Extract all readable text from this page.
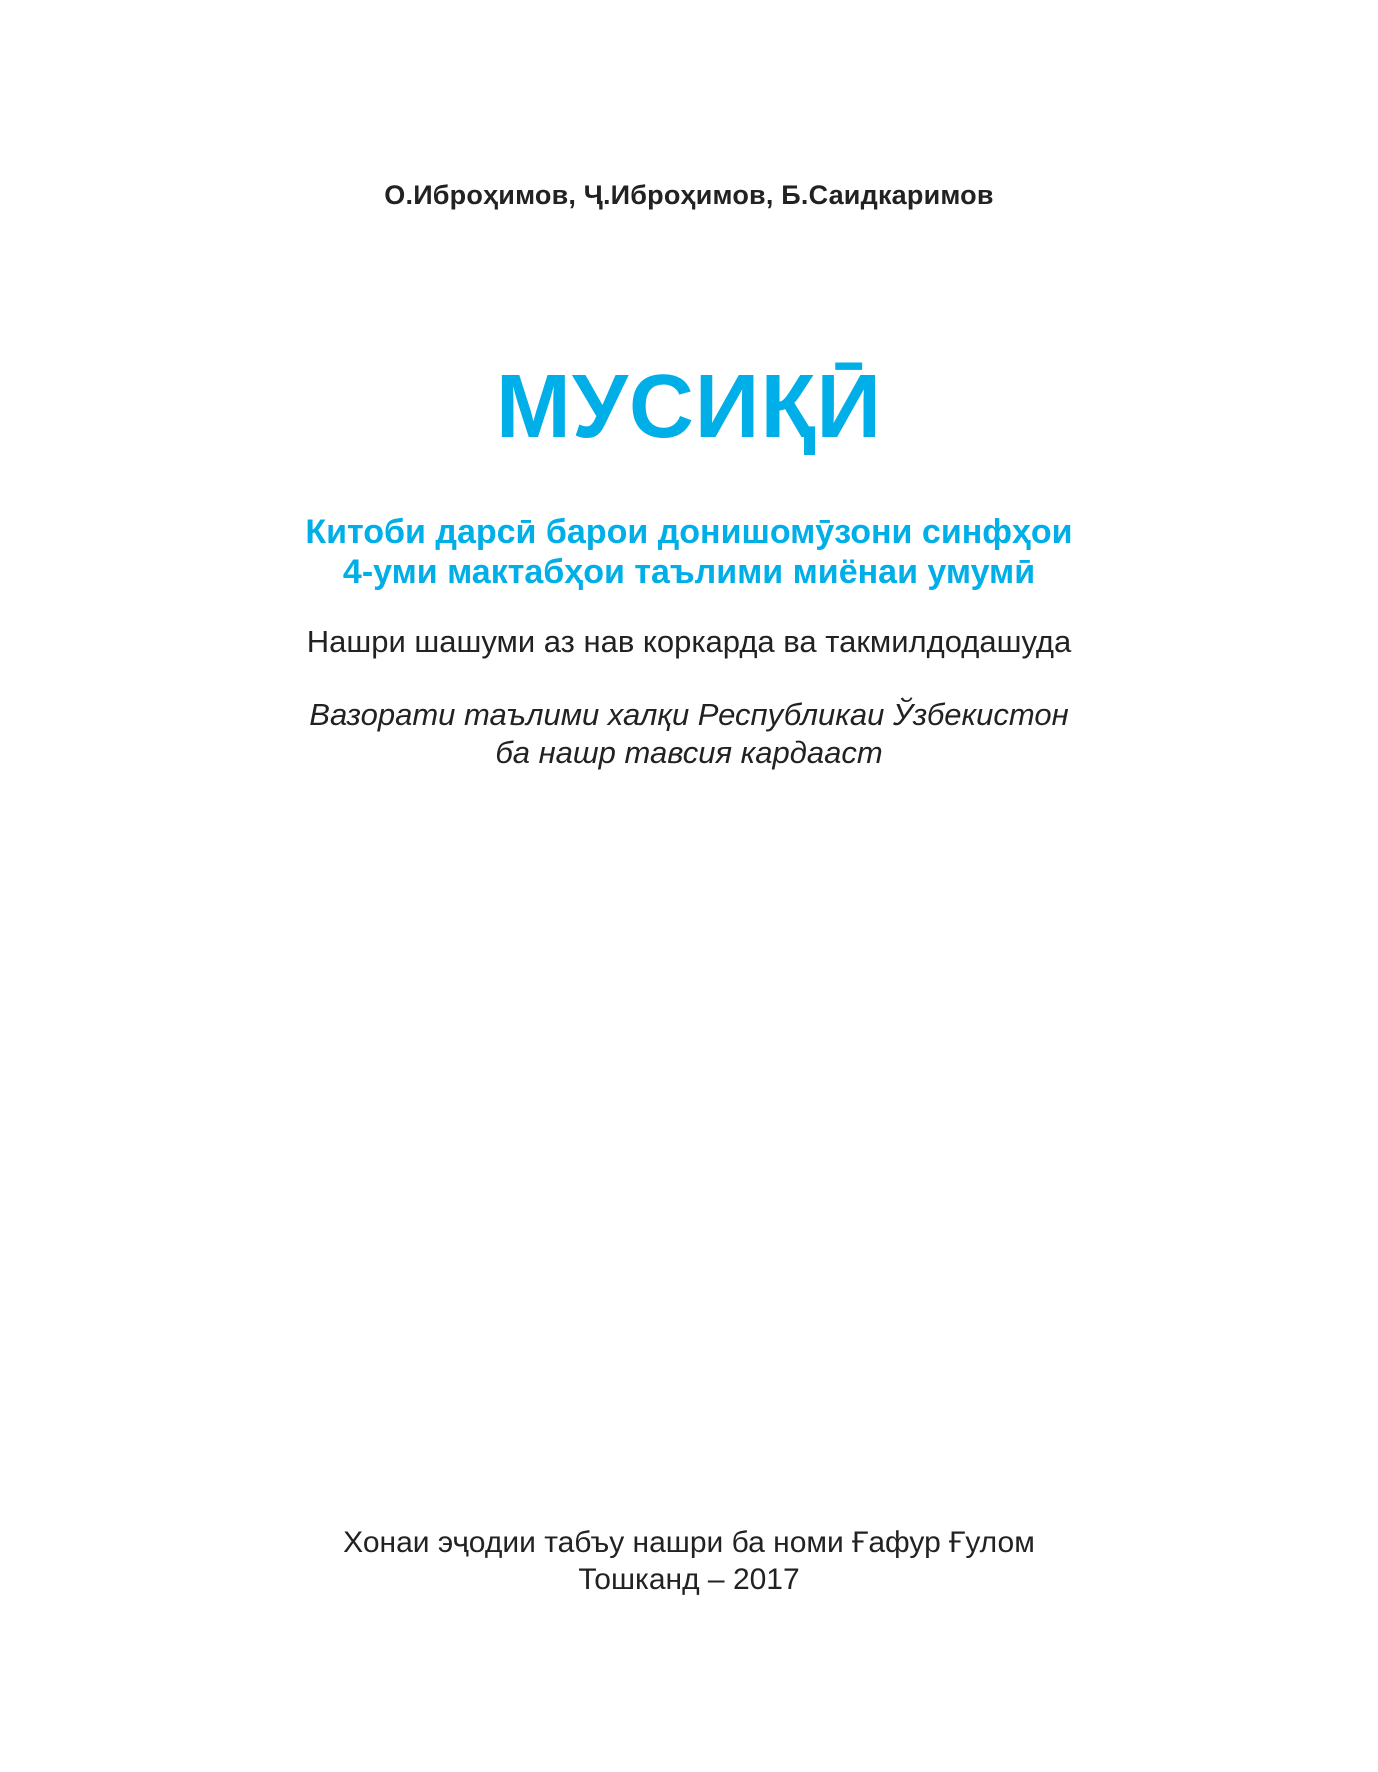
О.Иброҳимов, Ҷ.Иброҳимов, Б.Саидкаримов
МУСИҚӢ
Китоби дарсӣ барои донишомӯзони синфҳои
4-уми мактабҳои таълими миёнаи умумӣ
Нашри шашуми аз нав коркарда ва такмилдодашуда
Вазорати таълими халқи Республикаи Ўзбекистон
ба нашр тавсия кардааст
Хонаи эҷодии табъу нашри ба номи Ғафур Ғулом
Тошканд – 2017
